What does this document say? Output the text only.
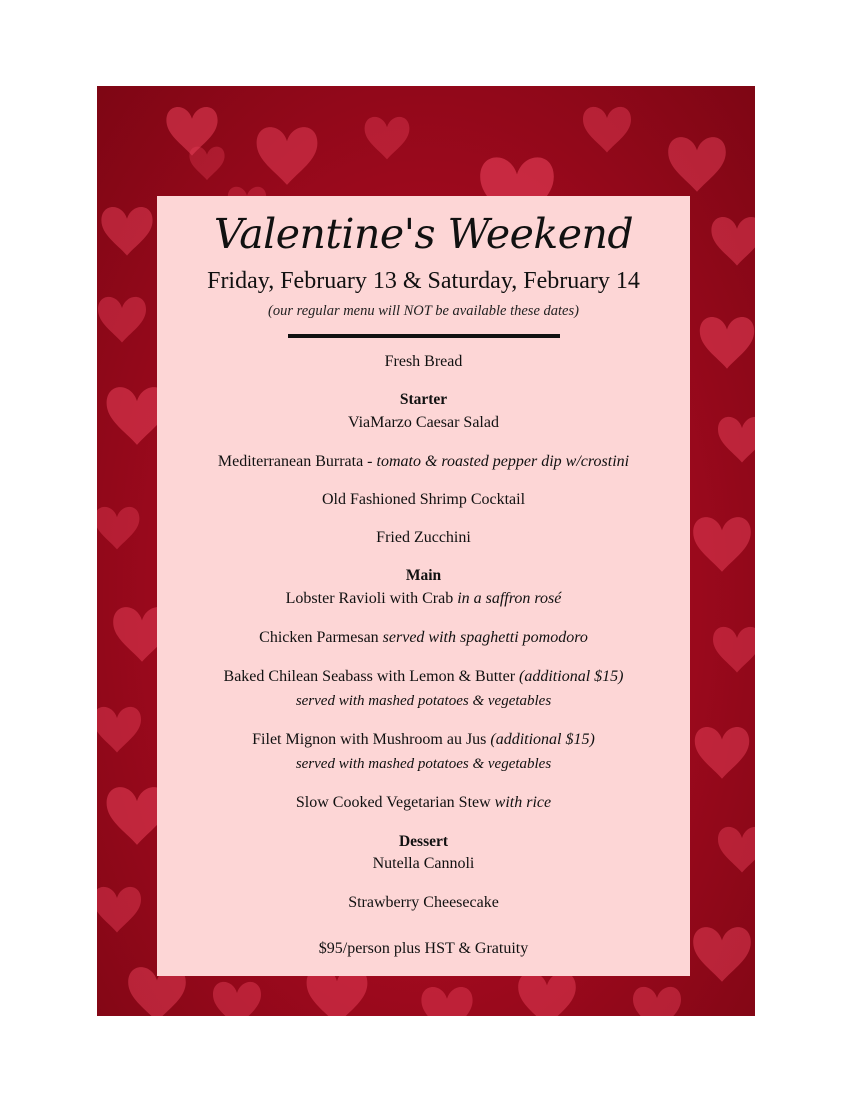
Valentine's Weekend
Friday, February 13 & Saturday, February 14
(our regular menu will NOT be available these dates)
Fresh Bread
Starter
ViaMarzo Caesar Salad
Mediterranean Burrata - tomato & roasted pepper dip w/crostini
Old Fashioned Shrimp Cocktail
Fried Zucchini
Main
Lobster Ravioli with Crab in a saffron rosé
Chicken Parmesan served with spaghetti pomodoro
Baked Chilean Seabass with Lemon & Butter (additional $15)
served with mashed potatoes & vegetables
Filet Mignon with Mushroom au Jus (additional $15)
served with mashed potatoes & vegetables
Slow Cooked Vegetarian Stew with rice
Dessert
Nutella Cannoli
Strawberry Cheesecake
$95/person plus HST & Gratuity
